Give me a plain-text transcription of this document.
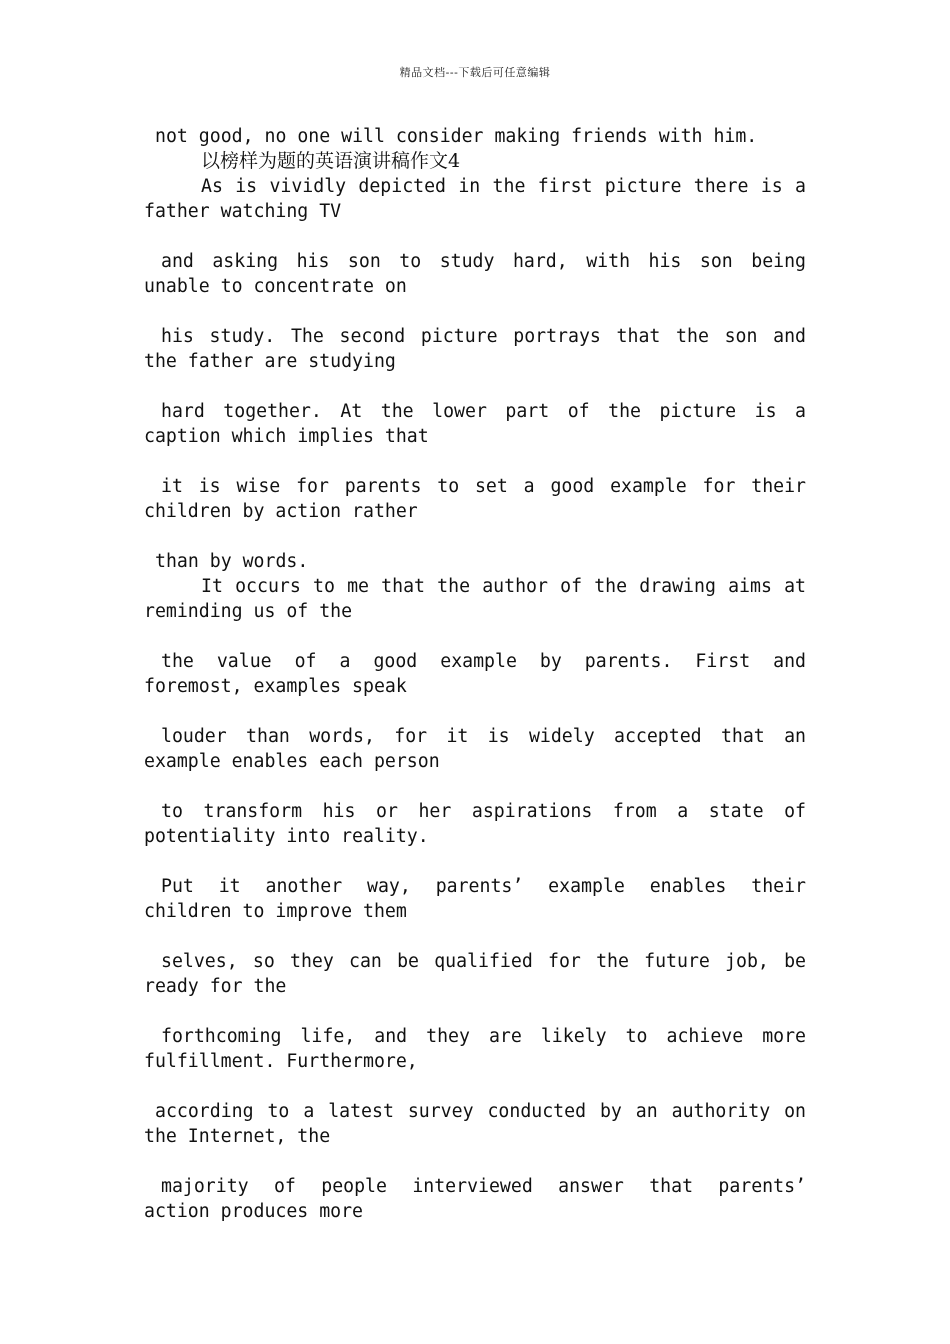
精品文档---下载后可任意编辑
not good, no one will consider making friends with him.
以榜样为题的英语演讲稿作文4
As is vividly depicted in the first picture there is a
father watching TV
and asking his son to study hard, with his son being
unable to concentrate on
his study. The second picture portrays that the son and
the father are studying
hard together. At the lower part of the picture is a
caption which implies that
it is wise for parents to set a good example for their
children by action rather
than by words.
It occurs to me that the author of the drawing aims at
reminding us of the
the value of a good example by parents. First and
foremost, examples speak
louder than words, for it is widely accepted that an
example enables each person
to transform his or her aspirations from a state of
potentiality into reality.
Put it another way, parents’ example enables their
children to improve them
selves, so they can be qualified for the future job, be
ready for the
forthcoming life, and they are likely to achieve more
fulfillment. Furthermore,
according to a latest survey conducted by an authority on
the Internet, the
majority of people interviewed answer that parents’
action produces more
